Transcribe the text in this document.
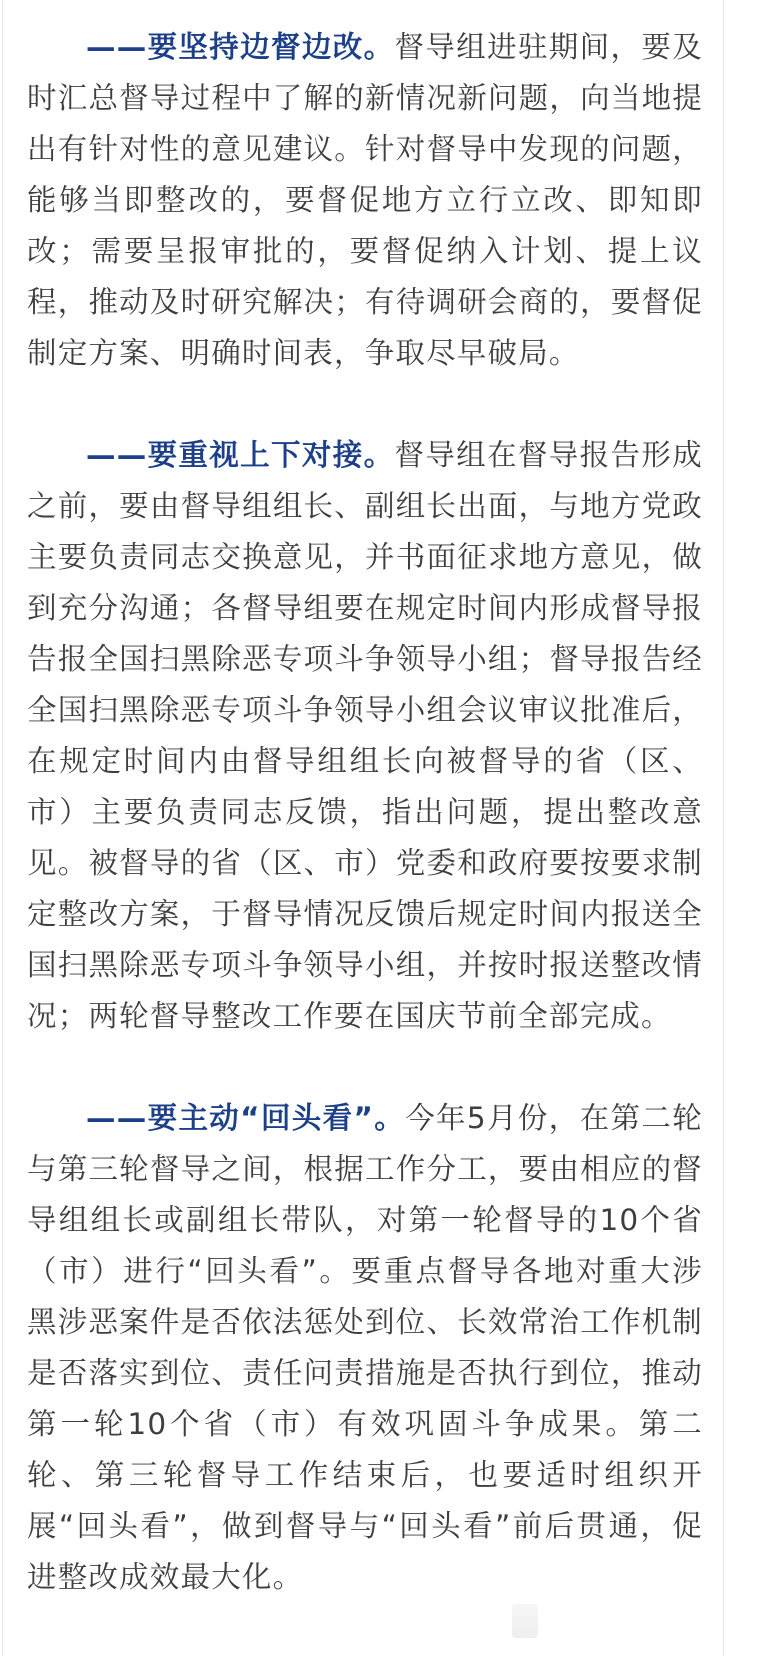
——要坚持边督边改。督导组进驻期间，要及时汇总督导过程中了解的新情况新问题，向当地提出有针对性的意见建议。针对督导中发现的问题，能够当即整改的，要督促地方立行立改、即知即改；需要呈报审批的，要督促纳入计划、提上议程，推动及时研究解决；有待调研会商的，要督促制定方案、明确时间表，争取尽早破局。

——要重视上下对接。督导组在督导报告形成之前，要由督导组组长、副组长出面，与地方党政主要负责同志交换意见，并书面征求地方意见，做到充分沟通；各督导组要在规定时间内形成督导报告报全国扫黑除恶专项斗争领导小组；督导报告经全国扫黑除恶专项斗争领导小组会议审议批准后，在规定时间内由督导组组长向被督导的省（区、市）主要负责同志反馈，指出问题，提出整改意见。被督导的省（区、市）党委和政府要按要求制定整改方案，于督导情况反馈后规定时间内报送全国扫黑除恶专项斗争领导小组，并按时报送整改情况；两轮督导整改工作要在国庆节前全部完成。

——要主动“回头看”。今年5月份，在第二轮与第三轮督导之间，根据工作分工，要由相应的督导组组长或副组长带队，对第一轮督导的10个省（市）进行“回头看”。要重点督导各地对重大涉黑涉恶案件是否依法惩处到位、长效常治工作机制是否落实到位、责任问责措施是否执行到位，推动第一轮10个省（市）有效巩固斗争成果。第二轮、第三轮督导工作结束后，也要适时组织开展“回头看”，做到督导与“回头看”前后贯通，促进整改成效最大化。
